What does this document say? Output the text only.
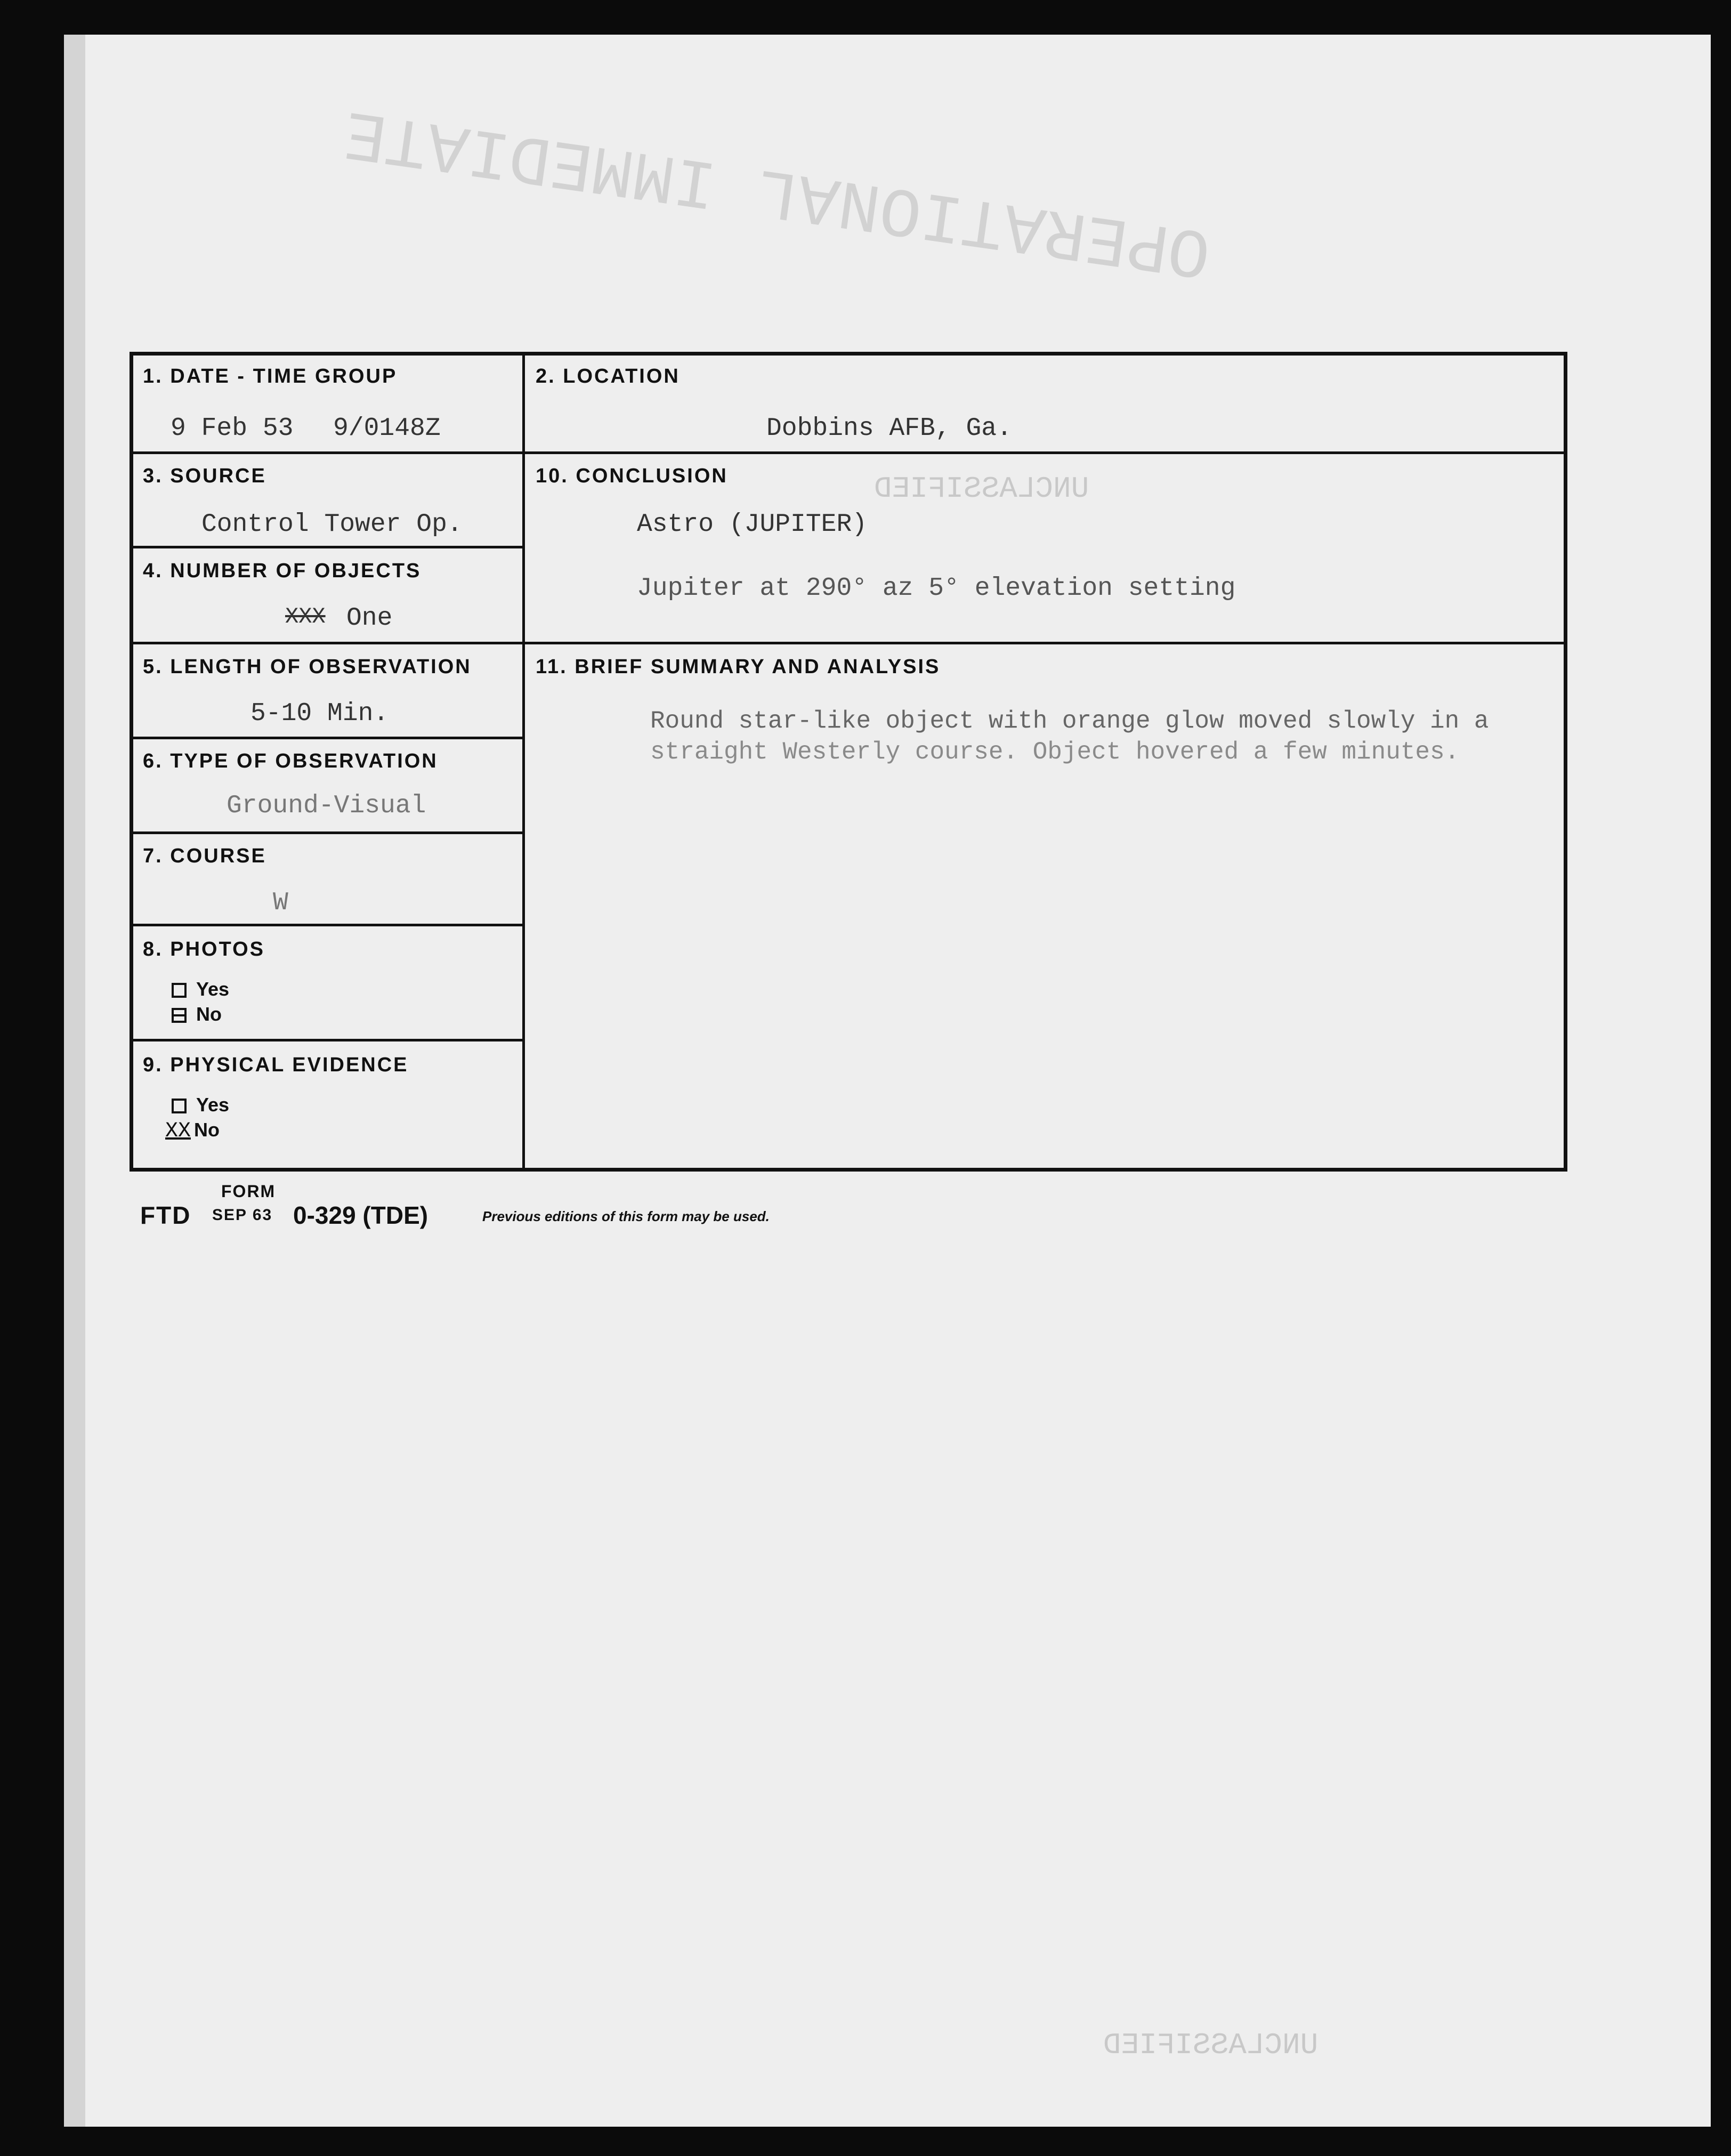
OPERATIONAL IMMEDIATE
UNCLASSIFIED
UNCLASSIFIED
1. DATE - TIME GROUP
9 Feb 53 9/0148Z
2. LOCATION
Dobbins AFB, Ga.
3. SOURCE
Control Tower Op.
4. NUMBER OF OBJECTS
XXX One
5. LENGTH OF OBSERVATION
5-10 Min.
6. TYPE OF OBSERVATION
Ground-Visual
7. COURSE
W
8. PHOTOS
Yes
No
9. PHYSICAL EVIDENCE
Yes
XX No
10. CONCLUSION
Astro (JUPITER)
Jupiter at 290° az 5° elevation setting
11. BRIEF SUMMARY AND ANALYSIS
Round star-like object with orange glow moved slowly in a
straight Westerly course. Object hovered a few minutes.
FORM
FTD SEP 63 0-329 (TDE)	Previous editions of this form may be used.
